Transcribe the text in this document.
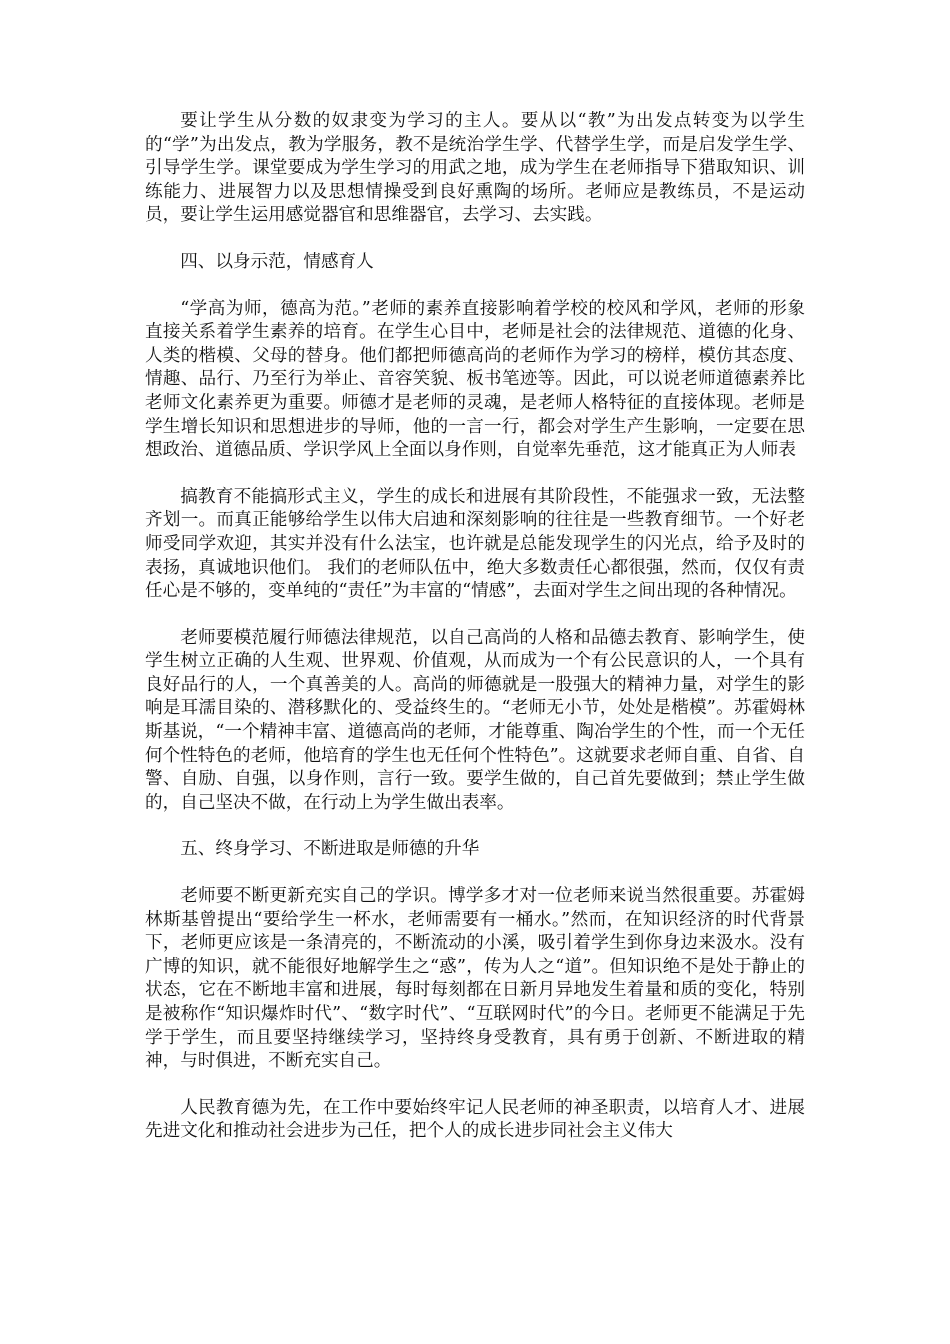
要让学生从分数的奴隶变为学习的主人。要从以“教”为出发点转变为以学生的“学”为出发点，教为学服务，教不是统治学生学、代替学生学，而是启发学生学、引导学生学。课堂要成为学生学习的用武之地，成为学生在老师指导下猎取知识、训练能力、进展智力以及思想情操受到良好熏陶的场所。老师应是教练员，不是运动员，要让学生运用感觉器官和思维器官，去学习、去实践。

四、以身示范，情感育人

“学高为师，德高为范。”老师的素养直接影响着学校的校风和学风，老师的形象直接关系着学生素养的培育。在学生心目中，老师是社会的法律规范、道德的化身、人类的楷模、父母的替身。他们都把师德高尚的老师作为学习的榜样，模仿其态度、情趣、品行、乃至行为举止、音容笑貌、板书笔迹等。因此，可以说老师道德素养比老师文化素养更为重要。师德才是老师的灵魂，是老师人格特征的直接体现。老师是学生增长知识和思想进步的导师，他的一言一行，都会对学生产生影响，一定要在思想政治、道德品质、学识学风上全面以身作则，自觉率先垂范，这才能真正为人师表

搞教育不能搞形式主义，学生的成长和进展有其阶段性，不能强求一致，无法整齐划一。而真正能够给学生以伟大启迪和深刻影响的往往是一些教育细节。一个好老师受同学欢迎，其实并没有什么法宝，也许就是总能发现学生的闪光点，给予及时的表扬，真诚地识他们。 我们的老师队伍中，绝大多数责任心都很强，然而，仅仅有责任心是不够的，变单纯的“责任”为丰富的“情感”，去面对学生之间出现的各种情况。

老师要模范履行师德法律规范，以自己高尚的人格和品德去教育、影响学生，使学生树立正确的人生观、世界观、价值观，从而成为一个有公民意识的人，一个具有良好品行的人，一个真善美的人。高尚的师德就是一股强大的精神力量，对学生的影响是耳濡目染的、潜移默化的、受益终生的。“老师无小节，处处是楷模”。苏霍姆林斯基说，“一个精神丰富、道德高尚的老师，才能尊重、陶冶学生的个性，而一个无任何个性特色的老师，他培育的学生也无任何个性特色”。这就要求老师自重、自省、自警、自励、自强，以身作则，言行一致。要学生做的，自己首先要做到；禁止学生做的，自己坚决不做，在行动上为学生做出表率。

五、终身学习、不断进取是师德的升华

老师要不断更新充实自己的学识。博学多才对一位老师来说当然很重要。苏霍姆林斯基曾提出“要给学生一杯水，老师需要有一桶水。”然而，在知识经济的时代背景下，老师更应该是一条清亮的，不断流动的小溪，吸引着学生到你身边来汲水。没有广博的知识，就不能很好地解学生之“惑”，传为人之“道”。但知识绝不是处于静止的状态，它在不断地丰富和进展，每时每刻都在日新月异地发生着量和质的变化，特别是被称作“知识爆炸时代”、“数字时代”、“互联网时代”的今日。老师更不能满足于先学于学生，而且要坚持继续学习，坚持终身受教育，具有勇于创新、不断进取的精神，与时俱进，不断充实自己。

人民教育德为先，在工作中要始终牢记人民老师的神圣职责，以培育人才、进展先进文化和推动社会进步为己任，把个人的成长进步同社会主义伟大
